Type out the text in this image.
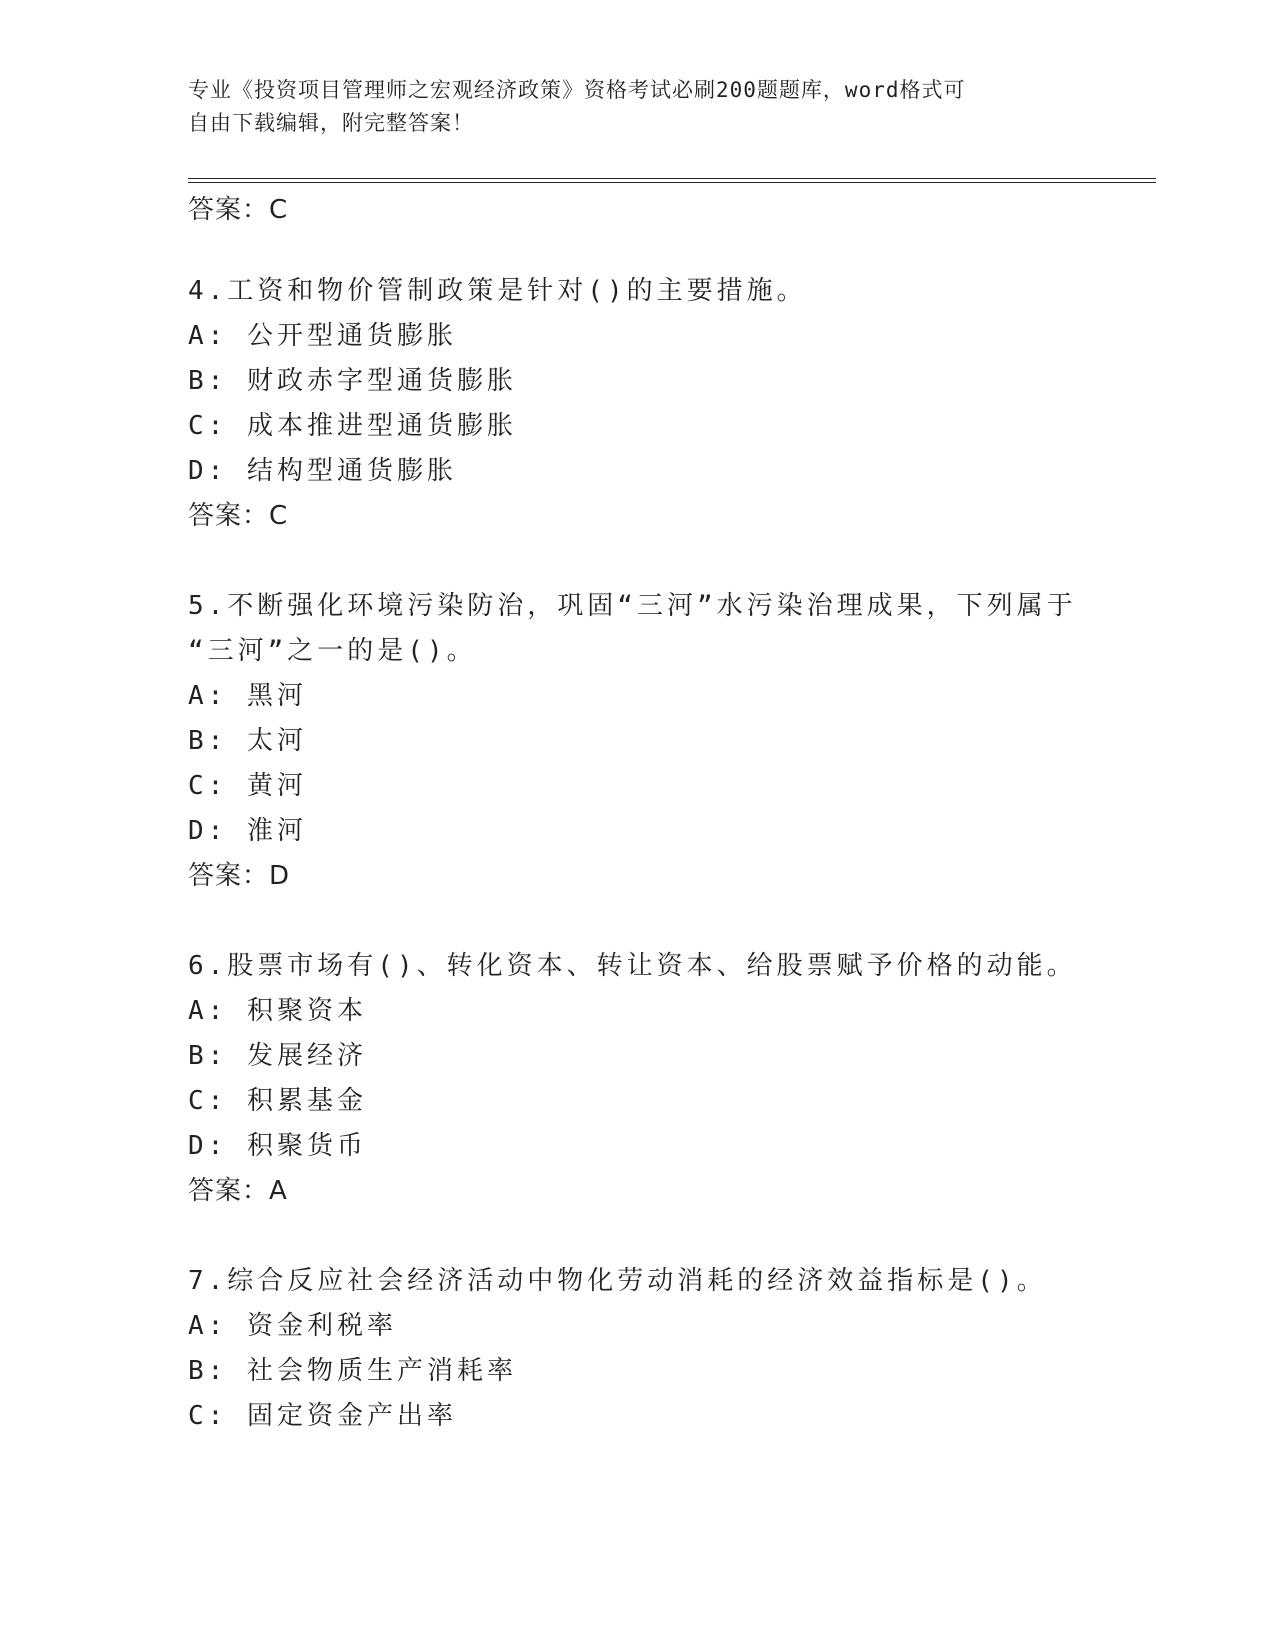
专业《投资项目管理师之宏观经济政策》资格考试必刷200题题库，word格式可
自由下载编辑，附完整答案！
答案：C
4.工资和物价管制政策是针对()的主要措施。
A: 公开型通货膨胀
B: 财政赤字型通货膨胀
C: 成本推进型通货膨胀
D: 结构型通货膨胀
答案：C
5.不断强化环境污染防治，巩固“三河”水污染治理成果，下列属于
“三河”之一的是()。
A: 黑河
B: 太河
C: 黄河
D: 淮河
答案：D
6.股票市场有()、转化资本、转让资本、给股票赋予价格的动能。
A: 积聚资本
B: 发展经济
C: 积累基金
D: 积聚货币
答案：A
7.综合反应社会经济活动中物化劳动消耗的经济效益指标是()。
A: 资金利税率
B: 社会物质生产消耗率
C: 固定资金产出率
